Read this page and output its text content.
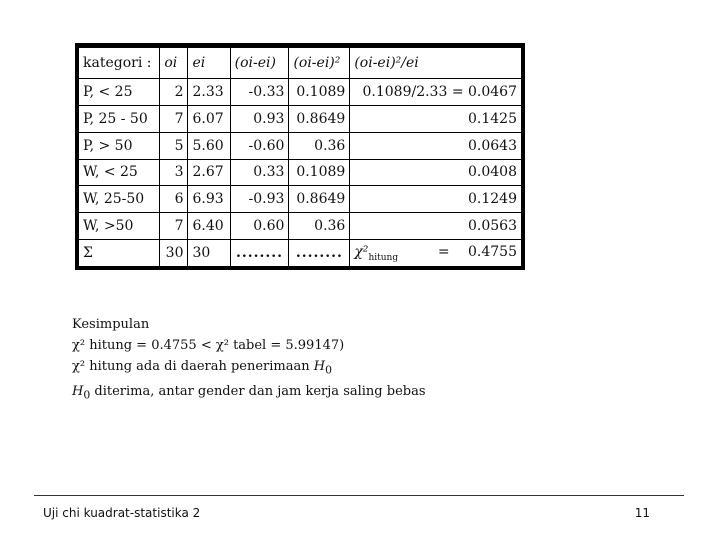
kategori :	oi	ei	(oi-ei)	(oi-ei)²	(oi-ei)²/ei
P, < 25	2	2.33	-0.33	0.1089	0.1089/2.33 = 0.0467
P, 25 - 50	7	6.07	0.93	0.8649	0.1425
P, > 50	5	5.60	-0.60	0.36	0.0643
W, < 25	3	2.67	0.33	0.1089	0.0408
W, 25-50	6	6.93	-0.93	0.8649	0.1249
W, >50	7	6.40	0.60	0.36	0.0563
Σ	30	30	........	........	$\chi^2_{hitung} = 0.4755$

Kesimpulan

χ² hitung = 0.4755 < χ² tabel = 5.99147)

χ² hitung ada di daerah penerimaan $H_0$

$H_0$ diterima, antar gender dan jam kerja saling bebas

Uji chi kuadrat-statistika 2	11
